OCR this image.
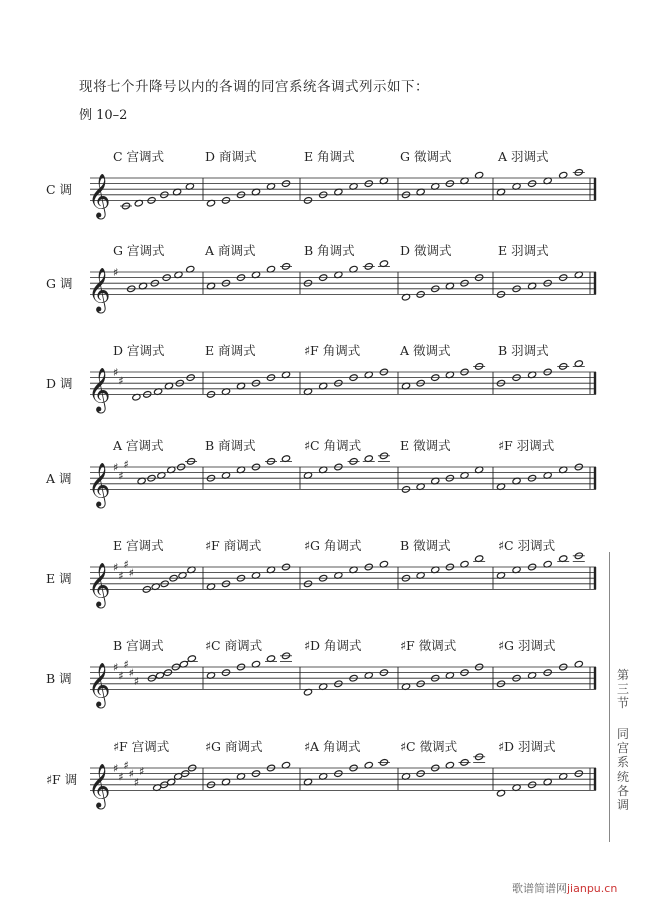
现将七个升降号以内的各调的同宫系统各调式列示如下：
例 10–2
C 调
C 宫调式	D 商调式	E 角调式	G 徵调式	A 羽调式
G 调
G 宫调式	A 商调式	B 角调式	D 徵调式	E 羽调式
D 调
D 宫调式	E 商调式	♯F 角调式	A 徵调式	B 羽调式
A 调
A 宫调式	B 商调式	♯C 角调式	E 徵调式	♯F 羽调式
E 调
E 宫调式	♯F 商调式	♯G 角调式	B 徵调式	♯C 羽调式
B 调
B 宫调式	♯C 商调式	♯D 角调式	♯F 徵调式	♯G 羽调式
♯F 调
♯F 宫调式	♯G 商调式	♯A 角调式	♯C 徵调式	♯D 羽调式
𝄞
𝄞 ♯
𝄞 ♯
♯
𝄞 ♯
♯
♯
𝄞 ♯
♯
♯
♯
𝄞 ♯
♯
♯
♯
♯
𝄞 ♯
♯
♯
♯
♯
♯
第三节
同宫系统各调
歌谱简谱网jianpu.cn
